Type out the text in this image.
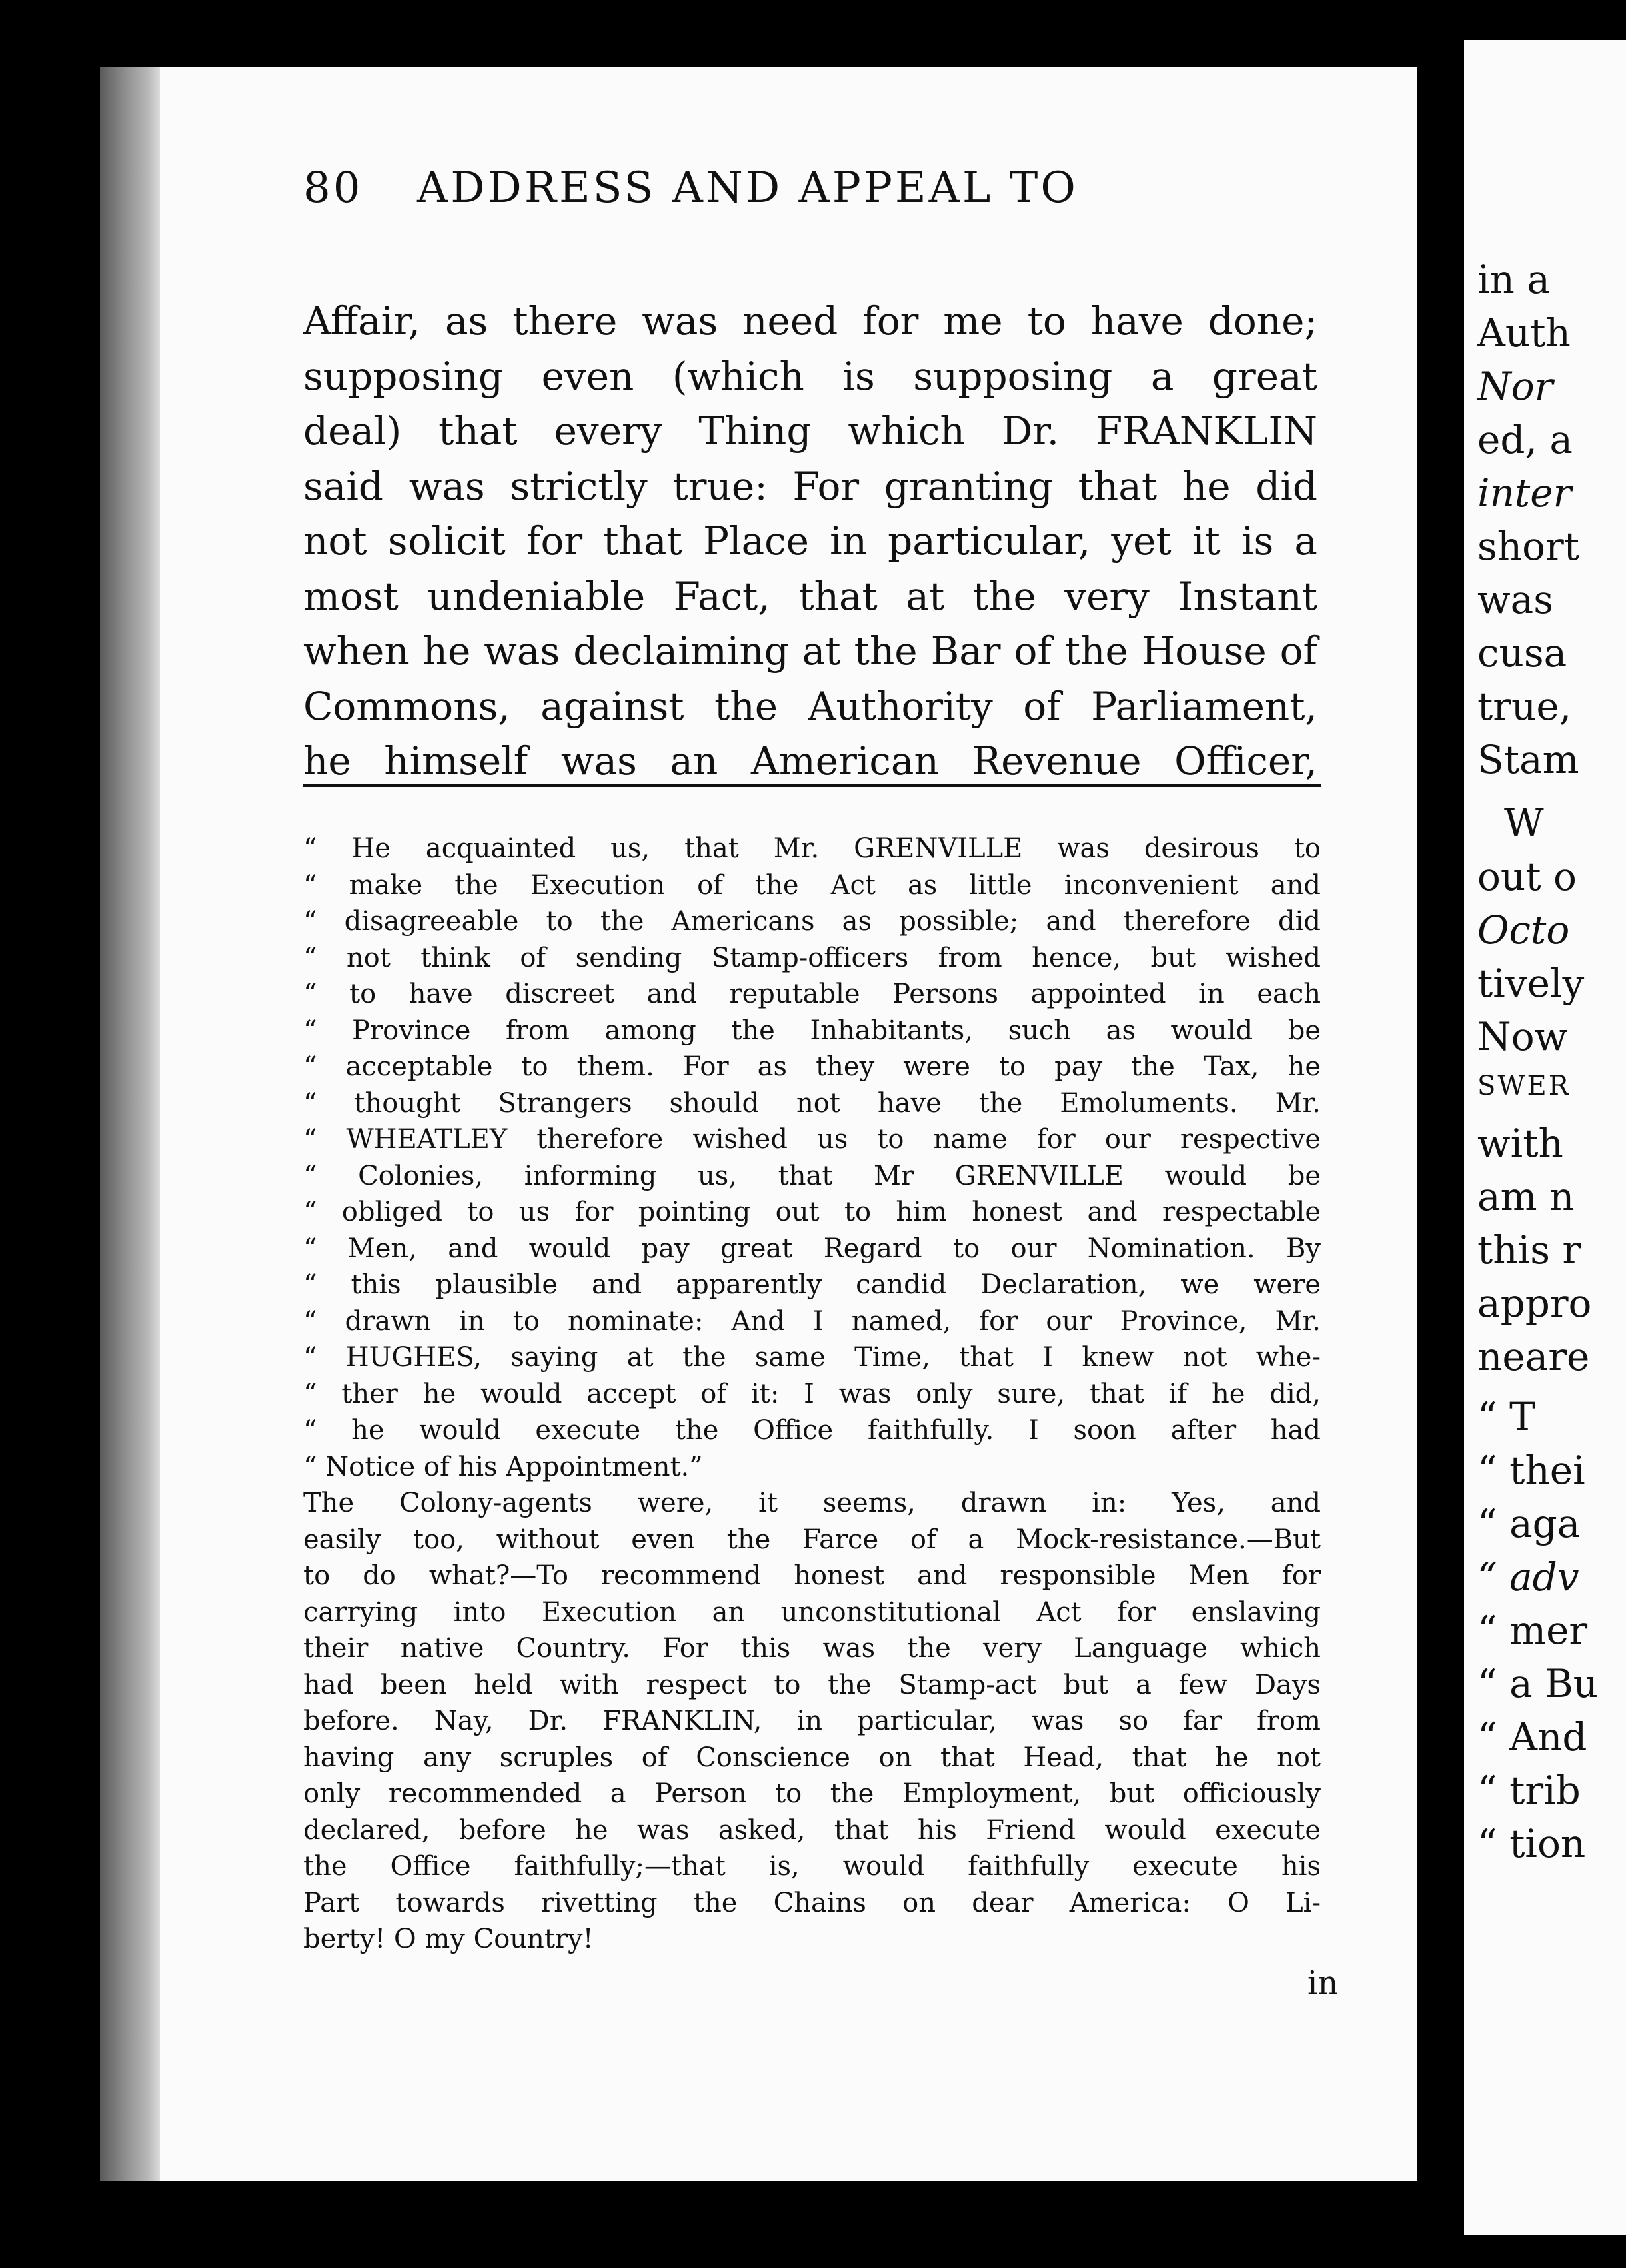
80 ADDRESS AND APPEAL TO
Affair, as there was need for me to have done;
supposing even (which is supposing a great
deal) that every Thing which Dr. FRANKLIN
said was strictly true: For granting that he did
not solicit for that Place in particular, yet it is a
most undeniable Fact, that at the very Instant
when he was declaiming at the Bar of the House of
Commons, against the Authority of Parliament,
he himself was an American Revenue Officer,
“ He acquainted us, that Mr. GRENVILLE was desirous to
“ make the Execution of the Act as little inconvenient and
“ disagreeable to the Americans as possible; and therefore did
“ not think of sending Stamp-officers from hence, but wished
“ to have discreet and reputable Persons appointed in each
“ Province from among the Inhabitants, such as would be
“ acceptable to them. For as they were to pay the Tax, he
“ thought Strangers should not have the Emoluments. Mr.
“ WHEATLEY therefore wished us to name for our respective
“ Colonies, informing us, that Mr GRENVILLE would be
“ obliged to us for pointing out to him honest and respectable
“ Men, and would pay great Regard to our Nomination. By
“ this plausible and apparently candid Declaration, we were
“ drawn in to nominate: And I named, for our Province, Mr.
“ HUGHES, saying at the same Time, that I knew not whe-
“ ther he would accept of it: I was only sure, that if he did,
“ he would execute the Office faithfully. I soon after had
“ Notice of his Appointment.”
The Colony-agents were, it seems, drawn in: Yes, and
easily too, without even the Farce of a Mock-resistance.—But
to do what?—To recommend honest and responsible Men for
carrying into Execution an unconstitutional Act for enslaving
their native Country. For this was the very Language which
had been held with respect to the Stamp-act but a few Days
before. Nay, Dr. FRANKLIN, in particular, was so far from
having any scruples of Conscience on that Head, that he not
only recommended a Person to the Employment, but officiously
declared, before he was asked, that his Friend would execute
the Office faithfully;—that is, would faithfully execute his
Part towards rivetting the Chains on dear America: O Li-
berty! O my Country!
in
in a
Auth
Nor
ed, a
inter
short
was
cusa
true,
Stam
W
out o
Octo
tively
Now
SWER
with
am n
this r
appro
neare
“ T
“ thei
“ aga
“ adv
“ mer
“ a Bu
“ And
“ trib
“ tion
